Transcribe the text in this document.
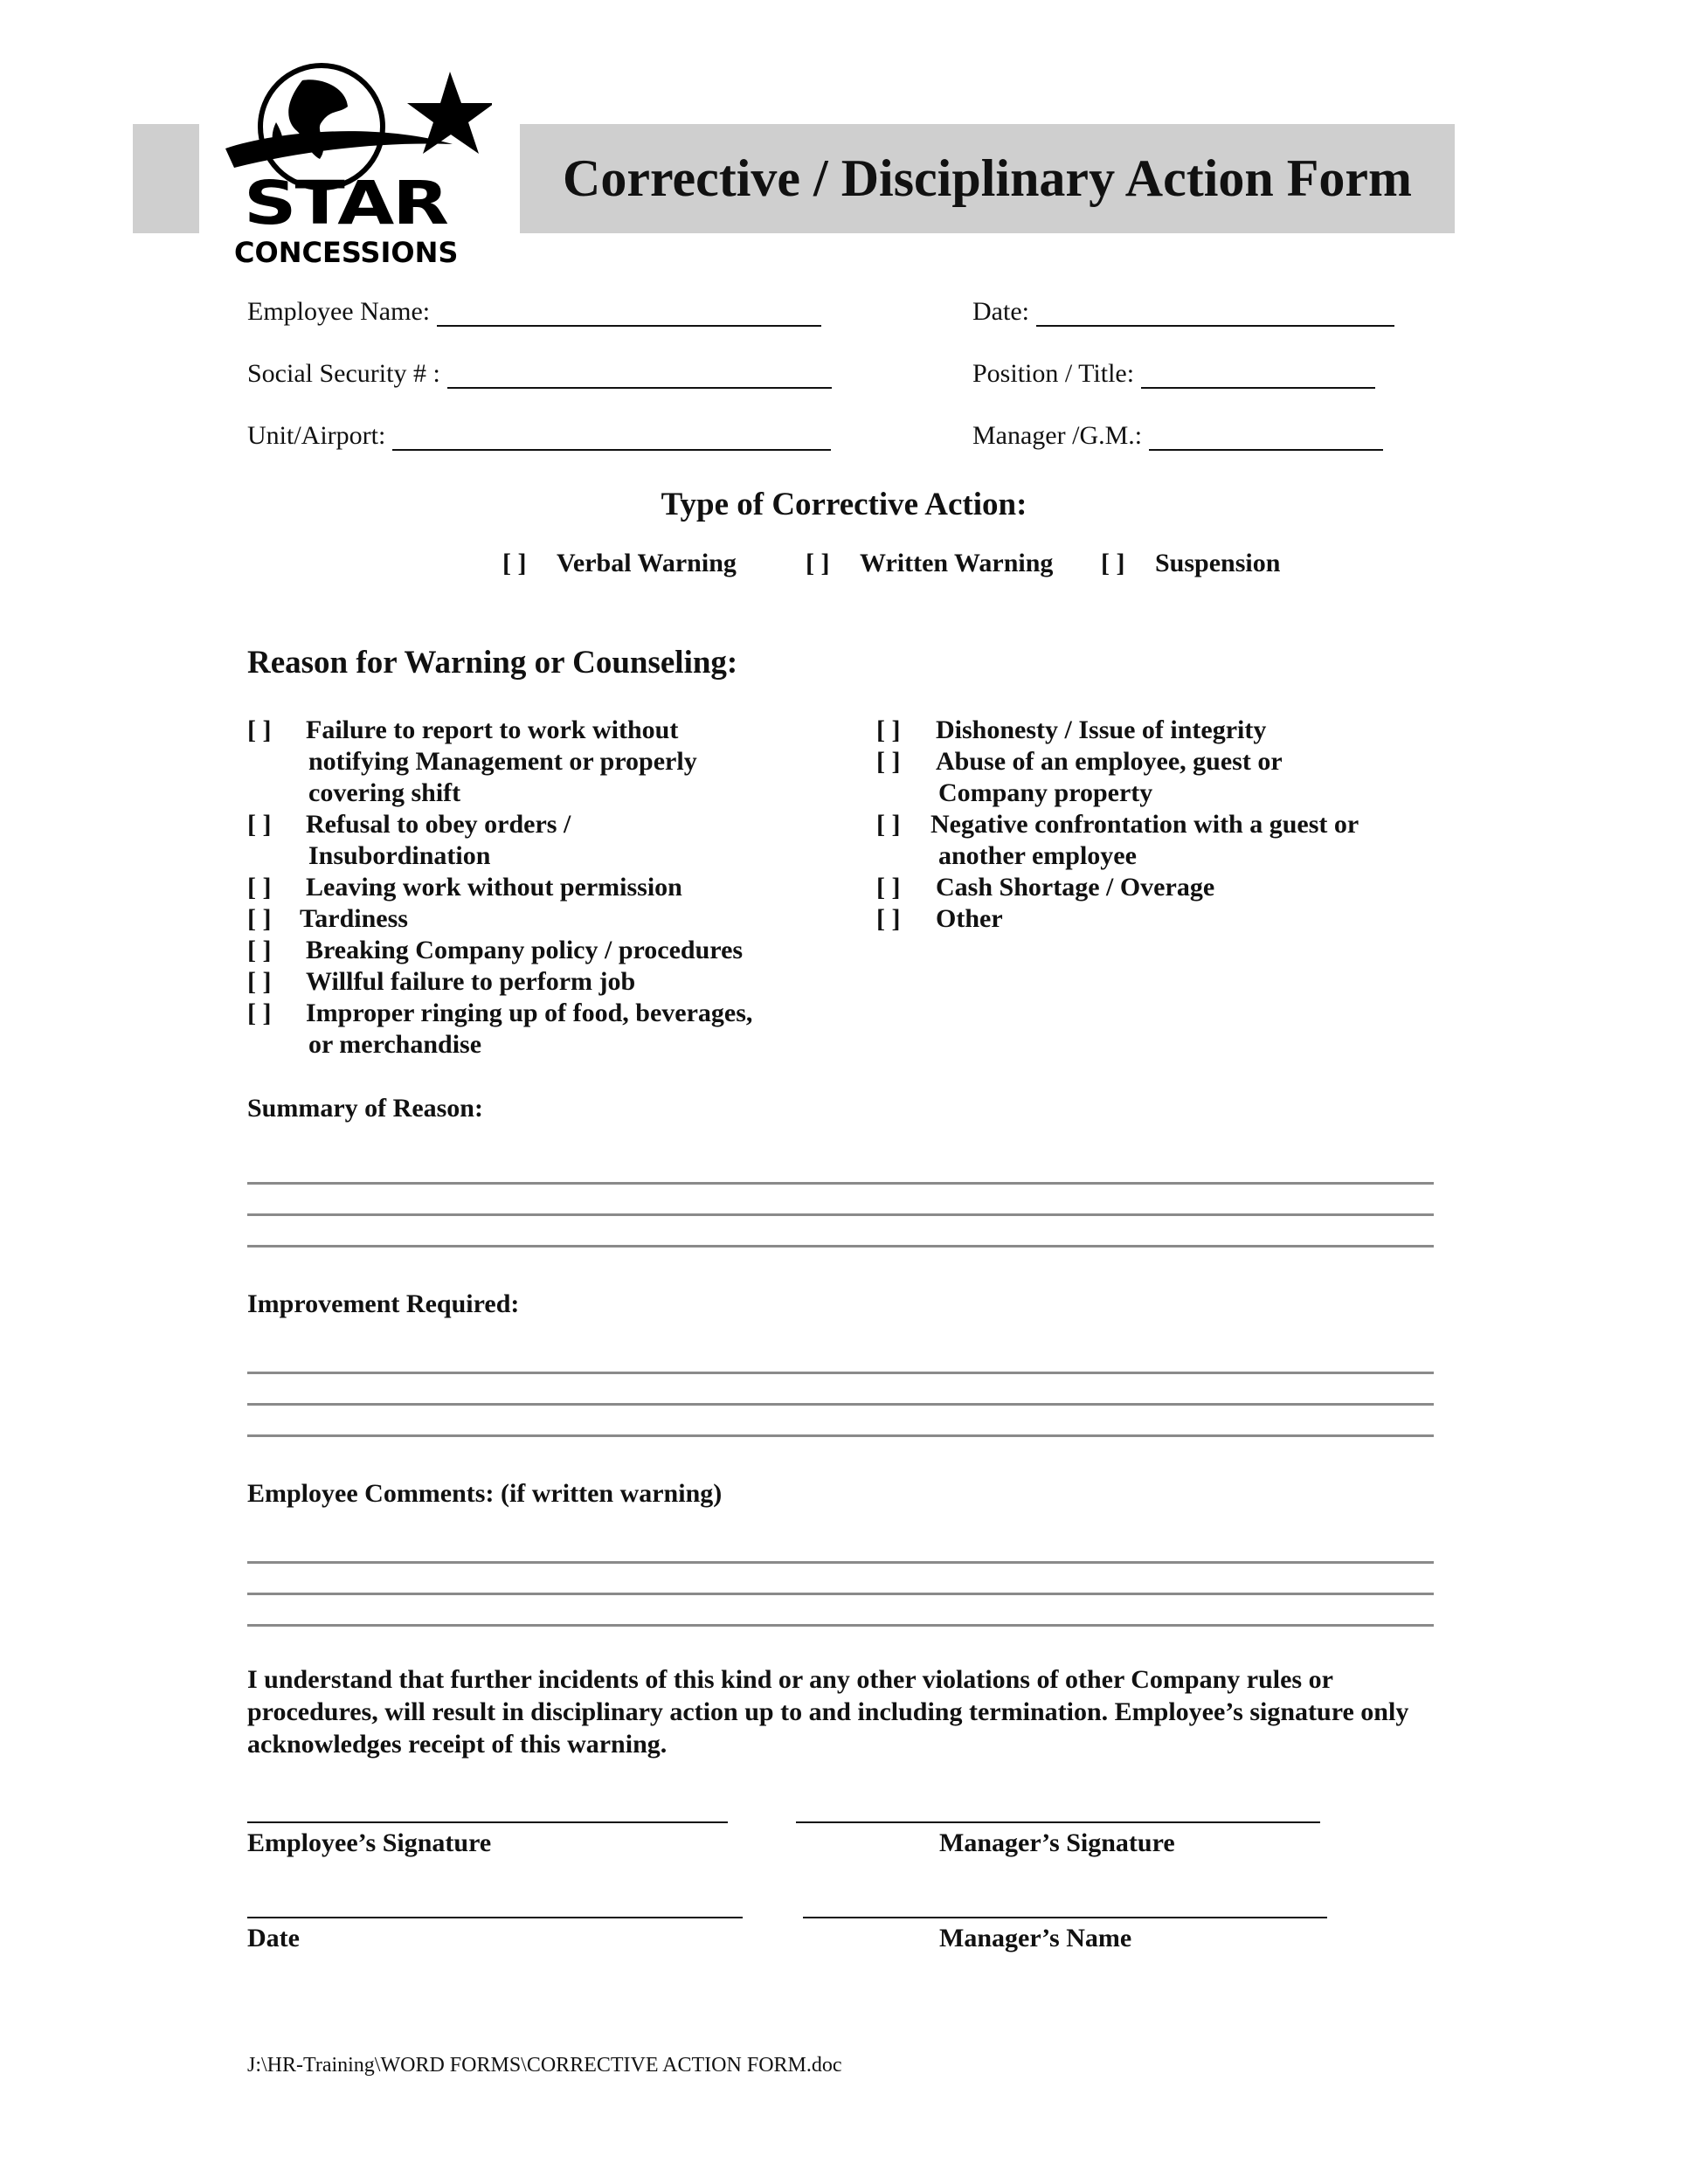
Corrective / Disciplinary Action Form
STAR
CONCESSIONS
Employee Name:	Date:
Social Security # :	Position / Title:
Unit/Airport:	Manager /G.M.:
Type of Corrective Action:
[ ] Verbal Warning	[ ] Written Warning [ ] Suspension
Reason for Warning or Counseling:
[ ] Failure to report to work without
notifying Management or properly
covering shift
[ ] Refusal to obey orders /
Insubordination
[ ] Leaving work without permission
[ ] Tardiness
[ ] Breaking Company policy / procedures
[ ] Willful failure to perform job
[ ] Improper ringing up of food, beverages,
or merchandise
[ ] Dishonesty / Issue of integrity
[ ] Abuse of an employee, guest or
Company property
[ ] Negative confrontation with a guest or
another employee
[ ] Cash Shortage / Overage
[ ] Other
Summary of Reason:
Improvement Required:
Employee Comments: (if written warning)
I understand that further incidents of this kind or any other violations of other Company rules or procedures, will result in disciplinary action up to and including termination. Employee’s signature only acknowledges receipt of this warning.
Employee’s Signature	Manager’s Signature
Date	Manager’s Name
J:\HR-Training\WORD FORMS\CORRECTIVE ACTION FORM.doc
